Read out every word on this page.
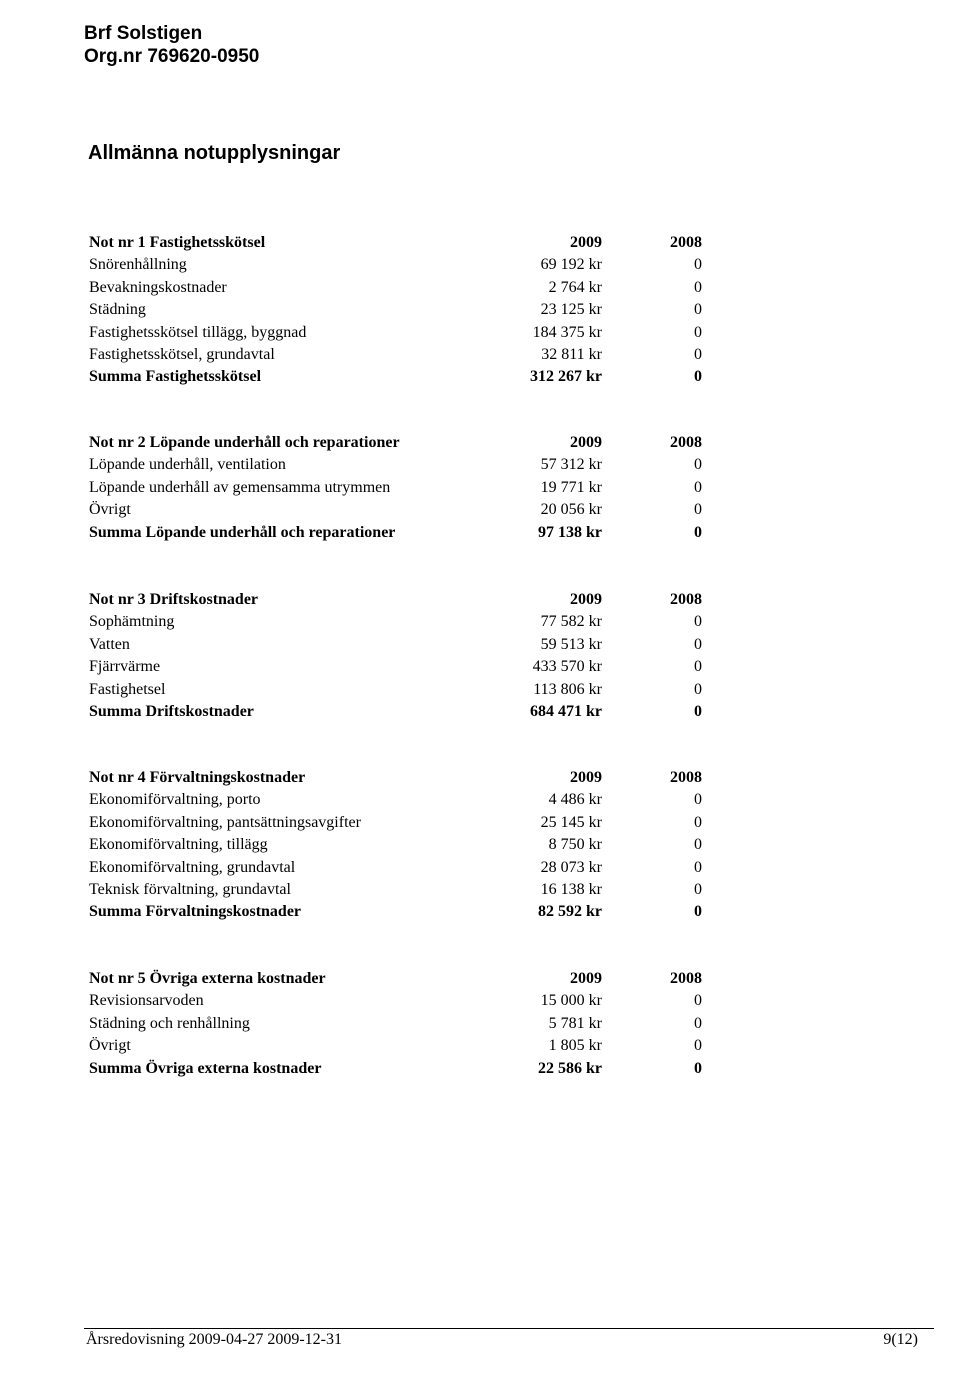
Brf Solstigen
Org.nr 769620-0950
Allmänna notupplysningar
Not nr 1 Fastighetsskötsel	2009	2008
Snörenhållning	69 192 kr	0
Bevakningskostnader	2 764 kr	0
Städning	23 125 kr	0
Fastighetsskötsel tillägg, byggnad	184 375 kr	0
Fastighetsskötsel, grundavtal	32 811 kr	0
Summa Fastighetsskötsel	312 267 kr	0
Not nr 2 Löpande underhåll och reparationer	2009	2008
Löpande underhåll, ventilation	57 312 kr	0
Löpande underhåll av gemensamma utrymmen	19 771 kr	0
Övrigt	20 056 kr	0
Summa Löpande underhåll och reparationer	97 138 kr	0
Not nr 3 Driftskostnader	2009	2008
Sophämtning	77 582 kr	0
Vatten	59 513 kr	0
Fjärrvärme	433 570 kr	0
Fastighetsel	113 806 kr	0
Summa Driftskostnader	684 471 kr	0
Not nr 4 Förvaltningskostnader	2009	2008
Ekonomiförvaltning, porto	4 486 kr	0
Ekonomiförvaltning, pantsättningsavgifter	25 145 kr	0
Ekonomiförvaltning, tillägg	8 750 kr	0
Ekonomiförvaltning, grundavtal	28 073 kr	0
Teknisk förvaltning, grundavtal	16 138 kr	0
Summa Förvaltningskostnader	82 592 kr	0
Not nr 5 Övriga externa kostnader	2009	2008
Revisionsarvoden	15 000 kr	0
Städning och renhållning	5 781 kr	0
Övrigt	1 805 kr	0
Summa Övriga externa kostnader	22 586 kr	0
Årsredovisning 2009-04-27 2009-12-31	9(12)
